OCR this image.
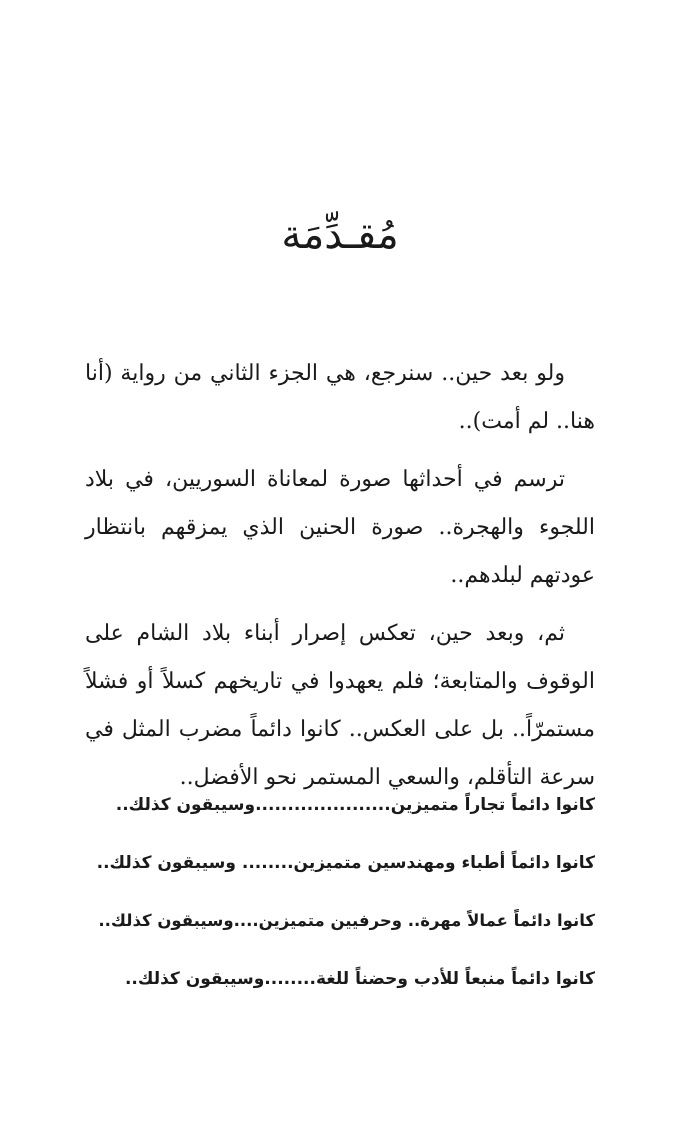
مُقـدِّمَة

ولو بعد حين.. سنرجع، هي الجزء الثاني من رواية (أنا هنا.. لم أمت)..

ترسم في أحداثها صورة لمعاناة السوريين، في بلاد اللجوء والهجرة.. صورة الحنين الذي يمزقهم بانتظار عودتهم لبلدهم..

ثم، وبعد حين، تعكس إصرار أبناء بلاد الشام على الوقوف والمتابعة؛ فلم يعهدوا في تاريخهم كسلاً أو فشلاً مستمرّاً.. بل على العكس.. كانوا دائماً مضرب المثل في سرعة التأقلم، والسعي المستمر نحو الأفضل..

كانوا دائماً تجاراً متميزين.....................وسيبقون كذلك..

كانوا دائماً أطباء ومهندسين متميزين........ وسيبقون كذلك..

كانوا دائماً عمالاً مهرة.. وحرفيين متميزين....وسيبقون كذلك..

كانوا دائماً منبعاً للأدب وحضناً للغة........وسيبقون كذلك..
